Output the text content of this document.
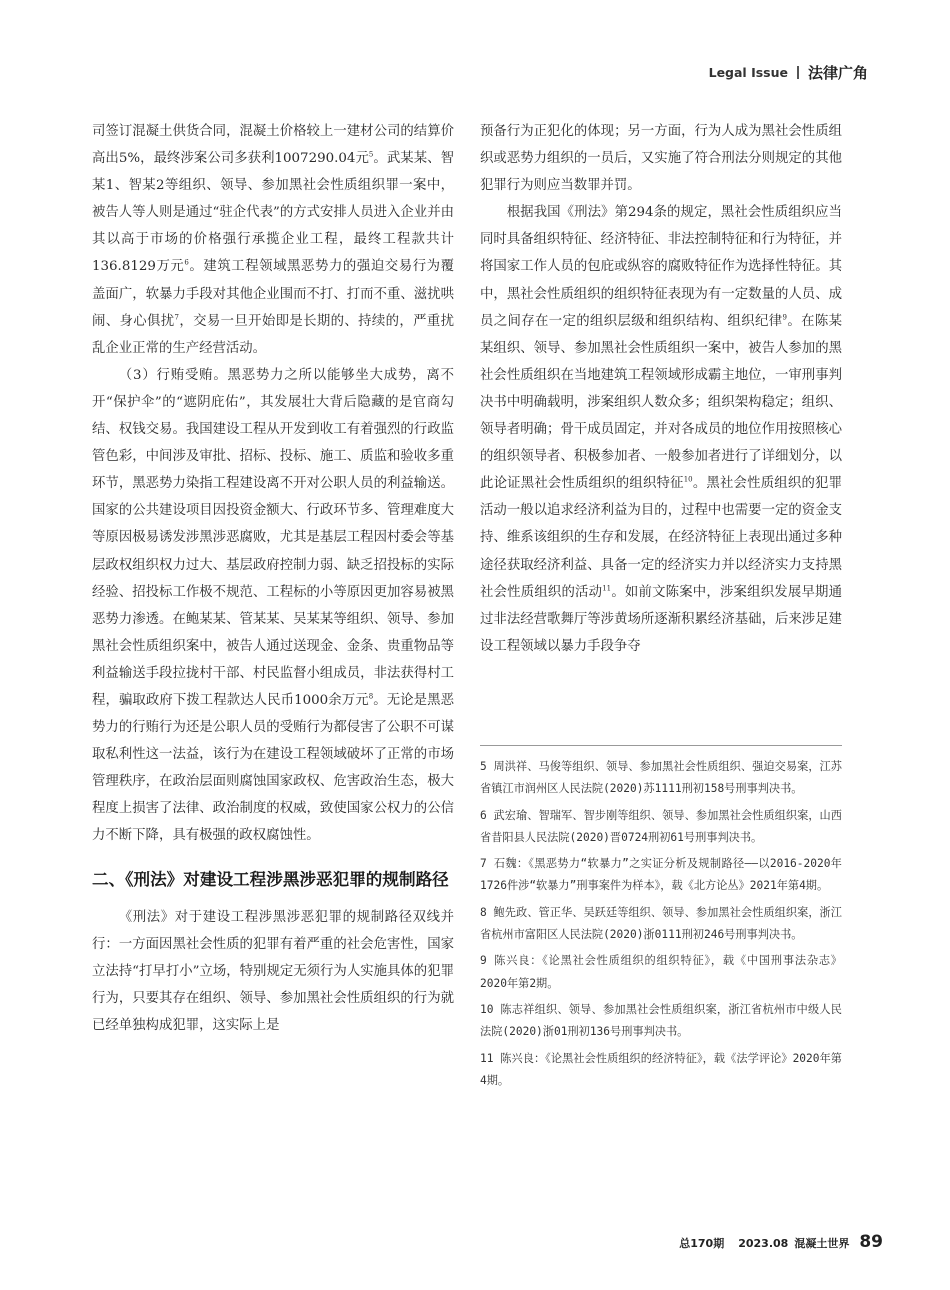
Legal Issue 法律广角

司签订混凝土供货合同，混凝土价格较上一建材公司的结算价高出5%，最终涉案公司多获利1007290.04元$^5$。武某某、智某1、智某2等组织、领导、参加黑社会性质组织罪一案中，被告人等人则是通过“驻企代表”的方式安排人员进入企业并由其以高于市场的价格强行承揽企业工程，最终工程款共计136.8129万元$^6$。建筑工程领域黑恶势力的强迫交易行为覆盖面广，软暴力手段对其他企业围而不打、打而不重、滋扰哄闹、身心俱扰$^7$，交易一旦开始即是长期的、持续的，严重扰乱企业正常的生产经营活动。

（3）行贿受贿。黑恶势力之所以能够坐大成势，离不开“保护伞”的“遮阴庇佑”，其发展壮大背后隐藏的是官商勾结、权钱交易。我国建设工程从开发到收工有着强烈的行政监管色彩，中间涉及审批、招标、投标、施工、质监和验收多重环节，黑恶势力染指工程建设离不开对公职人员的利益输送。国家的公共建设项目因投资金额大、行政环节多、管理难度大等原因极易诱发涉黑涉恶腐败，尤其是基层工程因村委会等基层政权组织权力过大、基层政府控制力弱、缺乏招投标的实际经验、招投标工作极不规范、工程标的小等原因更加容易被黑恶势力渗透。在鲍某某、管某某、吴某某等组织、领导、参加黑社会性质组织案中，被告人通过送现金、金条、贵重物品等利益输送手段拉拢村干部、村民监督小组成员，非法获得村工程，骗取政府下拨工程款达人民币1000余万元$^8$。无论是黑恶势力的行贿行为还是公职人员的受贿行为都侵害了公职不可谋取私利性这一法益，该行为在建设工程领域破坏了正常的市场管理秩序，在政治层面则腐蚀国家政权、危害政治生态，极大程度上损害了法律、政治制度的权威，致使国家公权力的公信力不断下降，具有极强的政权腐蚀性。

二、《刑法》对建设工程涉黑涉恶犯罪的规制路径

《刑法》对于建设工程涉黑涉恶犯罪的规制路径双线并行：一方面因黑社会性质的犯罪有着严重的社会危害性，国家立法持“打早打小”立场，特别规定无须行为人实施具体的犯罪行为，只要其存在组织、领导、参加黑社会性质组织的行为就已经单独构成犯罪，这实际上是

预备行为正犯化的体现；另一方面，行为人成为黑社会性质组织或恶势力组织的一员后，又实施了符合刑法分则规定的其他犯罪行为则应当数罪并罚。

根据我国《刑法》第294条的规定，黑社会性质组织应当同时具备组织特征、经济特征、非法控制特征和行为特征，并将国家工作人员的包庇或纵容的腐败特征作为选择性特征。其中，黑社会性质组织的组织特征表现为有一定数量的人员、成员之间存在一定的组织层级和组织结构、组织纪律$^9$。在陈某某组织、领导、参加黑社会性质组织一案中，被告人参加的黑社会性质组织在当地建筑工程领域形成霸主地位，一审刑事判决书中明确载明，涉案组织人数众多；组织架构稳定；组织、领导者明确；骨干成员固定，并对各成员的地位作用按照核心的组织领导者、积极参加者、一般参加者进行了详细划分，以此论证黑社会性质组织的组织特征$^{10}$。黑社会性质组织的犯罪活动一般以追求经济利益为目的，过程中也需要一定的资金支持、维系该组织的生存和发展，在经济特征上表现出通过多种途径获取经济利益、具备一定的经济实力并以经济实力支持黑社会性质组织的活动$^{11}$。如前文陈案中，涉案组织发展早期通过非法经营歌舞厅等涉黄场所逐渐积累经济基础，后来涉足建设工程领域以暴力手段争夺

5 周洪祥、马俊等组织、领导、参加黑社会性质组织、强迫交易案，江苏省镇江市润州区人民法院(2020)苏1111刑初158号刑事判决书。

6 武宏瑜、智瑞军、智步刚等组织、领导、参加黑社会性质组织案，山西省昔阳县人民法院(2020)晋0724刑初61号刑事判决书。

7 石魏：《黑恶势力“软暴力”之实证分析及规制路径——以2016-2020年1726件涉“软暴力”刑事案件为样本》，载《北方论丛》2021年第4期。

8 鲍先政、管正华、吴跃廷等组织、领导、参加黑社会性质组织案，浙江省杭州市富阳区人民法院(2020)浙0111刑初246号刑事判决书。

9 陈兴良：《论黑社会性质组织的组织特征》，载《中国刑事法杂志》2020年第2期。

10 陈志祥组织、领导、参加黑社会性质组织案，浙江省杭州市中级人民法院(2020)浙01刑初136号刑事判决书。

11 陈兴良：《论黑社会性质组织的经济特征》，载《法学评论》2020年第4期。

总170期 2023.08 混凝土世界 89
